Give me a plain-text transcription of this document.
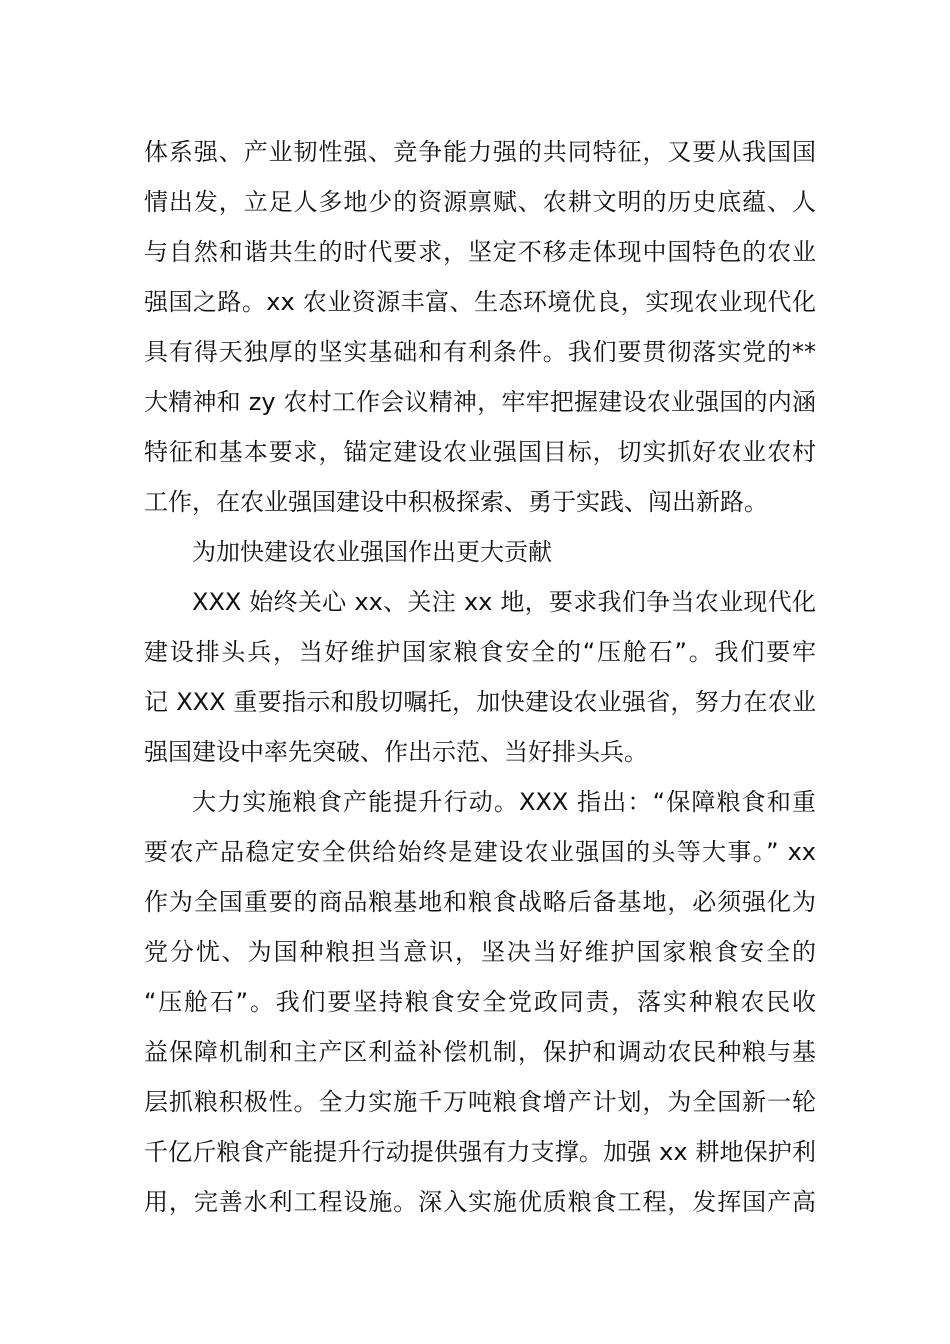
体系强、产业韧性强、竞争能力强的共同特征，又要从我国国
情出发，立足人多地少的资源禀赋、农耕文明的历史底蕴、人
与自然和谐共生的时代要求，坚定不移走体现中国特色的农业
强国之路。xx 农业资源丰富、生态环境优良，实现农业现代化
具有得天独厚的坚实基础和有利条件。我们要贯彻落实党的**
大精神和 zy 农村工作会议精神，牢牢把握建设农业强国的内涵
特征和基本要求，锚定建设农业强国目标，切实抓好农业农村
工作，在农业强国建设中积极探索、勇于实践、闯出新路。
为加快建设农业强国作出更大贡献
XXX 始终关心 xx、关注 xx 地，要求我们争当农业现代化
建设排头兵，当好维护国家粮食安全的“压舱石”。我们要牢
记 XXX 重要指示和殷切嘱托，加快建设农业强省，努力在农业
强国建设中率先突破、作出示范、当好排头兵。
大力实施粮食产能提升行动。XXX 指出：“保障粮食和重
要农产品稳定安全供给始终是建设农业强国的头等大事。” xx
作为全国重要的商品粮基地和粮食战略后备基地，必须强化为
党分忧、为国种粮担当意识，坚决当好维护国家粮食安全的
“压舱石”。我们要坚持粮食安全党政同责，落实种粮农民收
益保障机制和主产区利益补偿机制，保护和调动农民种粮与基
层抓粮积极性。全力实施千万吨粮食增产计划，为全国新一轮
千亿斤粮食产能提升行动提供强有力支撑。加强 xx 耕地保护利
用，完善水利工程设施。深入实施优质粮食工程，发挥国产高
